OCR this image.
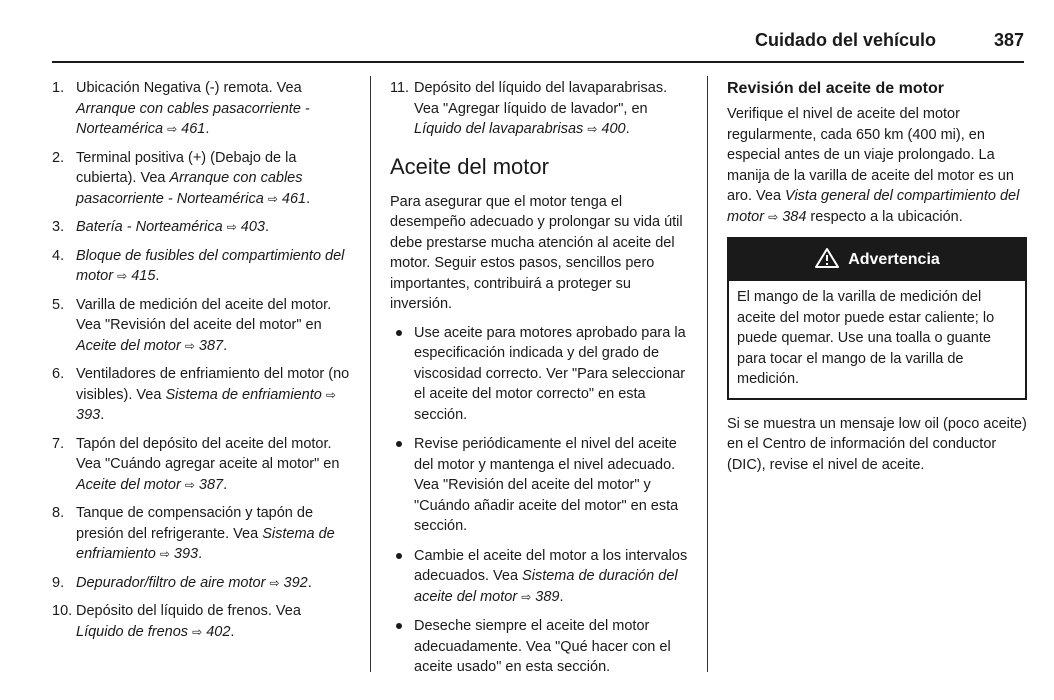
Cuidado del vehículo	387
1. Ubicación Negativa (-) remota. Vea Arranque con cables pasacorriente - Norteamérica ⇨ 461.
2. Terminal positiva (+) (Debajo de la cubierta). Vea Arranque con cables pasacorriente - Norteamérica ⇨ 461.
3. Batería - Norteamérica ⇨ 403.
4. Bloque de fusibles del compartimiento del motor ⇨ 415.
5. Varilla de medición del aceite del motor. Vea "Revisión del aceite del motor" en Aceite del motor ⇨ 387.
6. Ventiladores de enfriamiento del motor (no visibles). Vea Sistema de enfriamiento ⇨ 393.
7. Tapón del depósito del aceite del motor. Vea "Cuándo agregar aceite al motor" en Aceite del motor ⇨ 387.
8. Tanque de compensación y tapón de presión del refrigerante. Vea Sistema de enfriamiento ⇨ 393.
9. Depurador/filtro de aire motor ⇨ 392.
10. Depósito del líquido de frenos. Vea Líquido de frenos ⇨ 402.
11. Depósito del líquido del lavaparabrisas. Vea "Agregar líquido de lavador", en Líquido del lavaparabrisas ⇨ 400.
Aceite del motor

Para asegurar que el motor tenga el desempeño adecuado y prolongar su vida útil debe prestarse mucha atención al aceite del motor. Seguir estos pasos, sencillos pero importantes, contribuirá a proteger su inversión.

Use aceite para motores aprobado para la especificación indicada y del grado de viscosidad correcto. Ver "Para seleccionar el aceite del motor correcto" en esta sección.
Revise periódicamente el nivel del aceite del motor y mantenga el nivel adecuado. Vea "Revisión del aceite del motor" y "Cuándo añadir aceite del motor" en esta sección.
Cambie el aceite del motor a los intervalos adecuados. Vea Sistema de duración del aceite del motor ⇨ 389.
Deseche siempre el aceite del motor adecuadamente. Vea "Qué hacer con el aceite usado" en esta sección.
Revisión del aceite de motor

Verifique el nivel de aceite del motor regularmente, cada 650 km (400 mi), en especial antes de un viaje prolongado. La manija de la varilla de aceite del motor es un aro. Vea Vista general del compartimiento del motor ⇨ 384 respecto a la ubicación.

Advertencia
El mango de la varilla de medición del aceite del motor puede estar caliente; lo puede quemar. Use una toalla o guante para tocar el mango de la varilla de medición.

Si se muestra un mensaje low oil (poco aceite) en el Centro de información del conductor (DIC), revise el nivel de aceite.
